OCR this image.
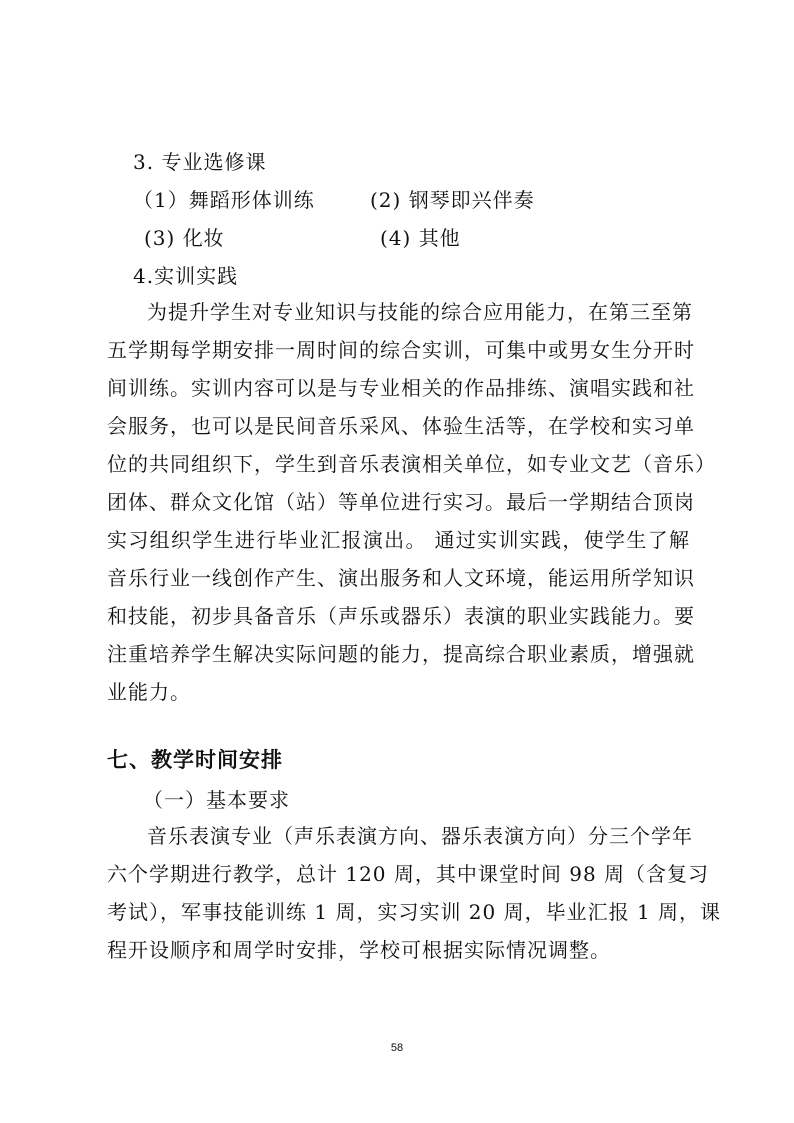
3. 专业选修课
（1）舞蹈形体训练	(2) 钢琴即兴伴奏
(3) 化妆	(4) 其他
4.实训实践
为提升学生对专业知识与技能的综合应用能力，在第三至第
五学期每学期安排一周时间的综合实训，可集中或男女生分开时
间训练。实训内容可以是与专业相关的作品排练、演唱实践和社
会服务，也可以是民间音乐采风、体验生活等，在学校和实习单
位的共同组织下，学生到音乐表演相关单位，如专业文艺（音乐）
团体、群众文化馆（站）等单位进行实习。最后一学期结合顶岗
实习组织学生进行毕业汇报演出。 通过实训实践，使学生了解
音乐行业一线创作产生、演出服务和人文环境，能运用所学知识
和技能，初步具备音乐（声乐或器乐）表演的职业实践能力。要
注重培养学生解决实际问题的能力，提高综合职业素质，增强就
业能力。
七、教学时间安排
（一）基本要求
音乐表演专业（声乐表演方向、器乐表演方向）分三个学年
六个学期进行教学，总计 120 周，其中课堂时间 98 周（含复习
考试），军事技能训练 1 周，实习实训 20 周，毕业汇报 1 周，课
程开设顺序和周学时安排，学校可根据实际情况调整。
58
